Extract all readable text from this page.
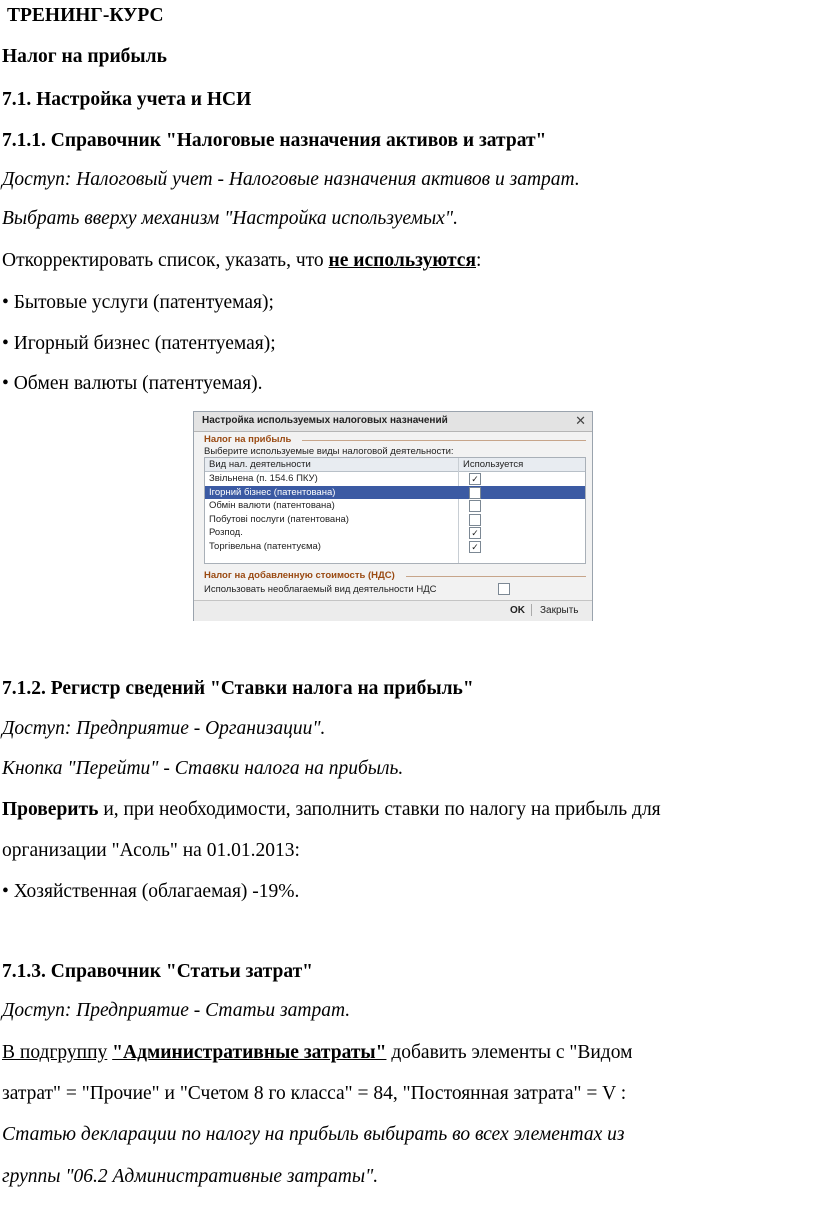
ТРЕНИНГ-КУРС
Налог на прибыль
7.1. Настройка учета и НСИ
7.1.1. Справочник "Налоговые назначения активов и затрат"
Доступ: Налоговый учет - Налоговые назначения активов и затрат.
Выбрать вверху механизм "Настройка используемых".
Откорректировать список, указать, что не используются:
• Бытовые услуги (патентуемая);
• Игорный бизнес (патентуемая);
• Обмен валюты (патентуемая).
Настройка используемых налоговых назначений	✕
Налог на прибыль
Выберите используемые виды налоговой деятельности:
Вид нал. деятельности	Используется
Звільнена (п. 154.6 ПКУ)	✓
Ігорний бізнес (патентована)
Обмін валюти (патентована)
Побутові послуги (патентована)
Розпод.	✓
Торгівельна (патентуєма)	✓
Налог на добавленную стоимость (НДС)
Использовать необлагаемый вид деятельности НДС
OK Закрыть
7.1.2. Регистр сведений "Ставки налога на прибыль"
Доступ: Предприятие - Организации".
Кнопка "Перейти" - Ставки налога на прибыль.
Проверить и, при необходимости, заполнить ставки по налогу на прибыль для
организации "Асоль" на 01.01.2013:
• Хозяйственная (облагаемая) -19%.
7.1.3. Справочник "Статьи затрат"
Доступ: Предприятие - Статьи затрат.
В подгруппу "Административные затраты" добавить элементы с "Видом
затрат" = "Прочие" и "Счетом 8 го класса" = 84, "Постоянная затрата" = V :
Статью декларации по налогу на прибыль выбирать во всех элементах из
группы "06.2 Административные затраты".
